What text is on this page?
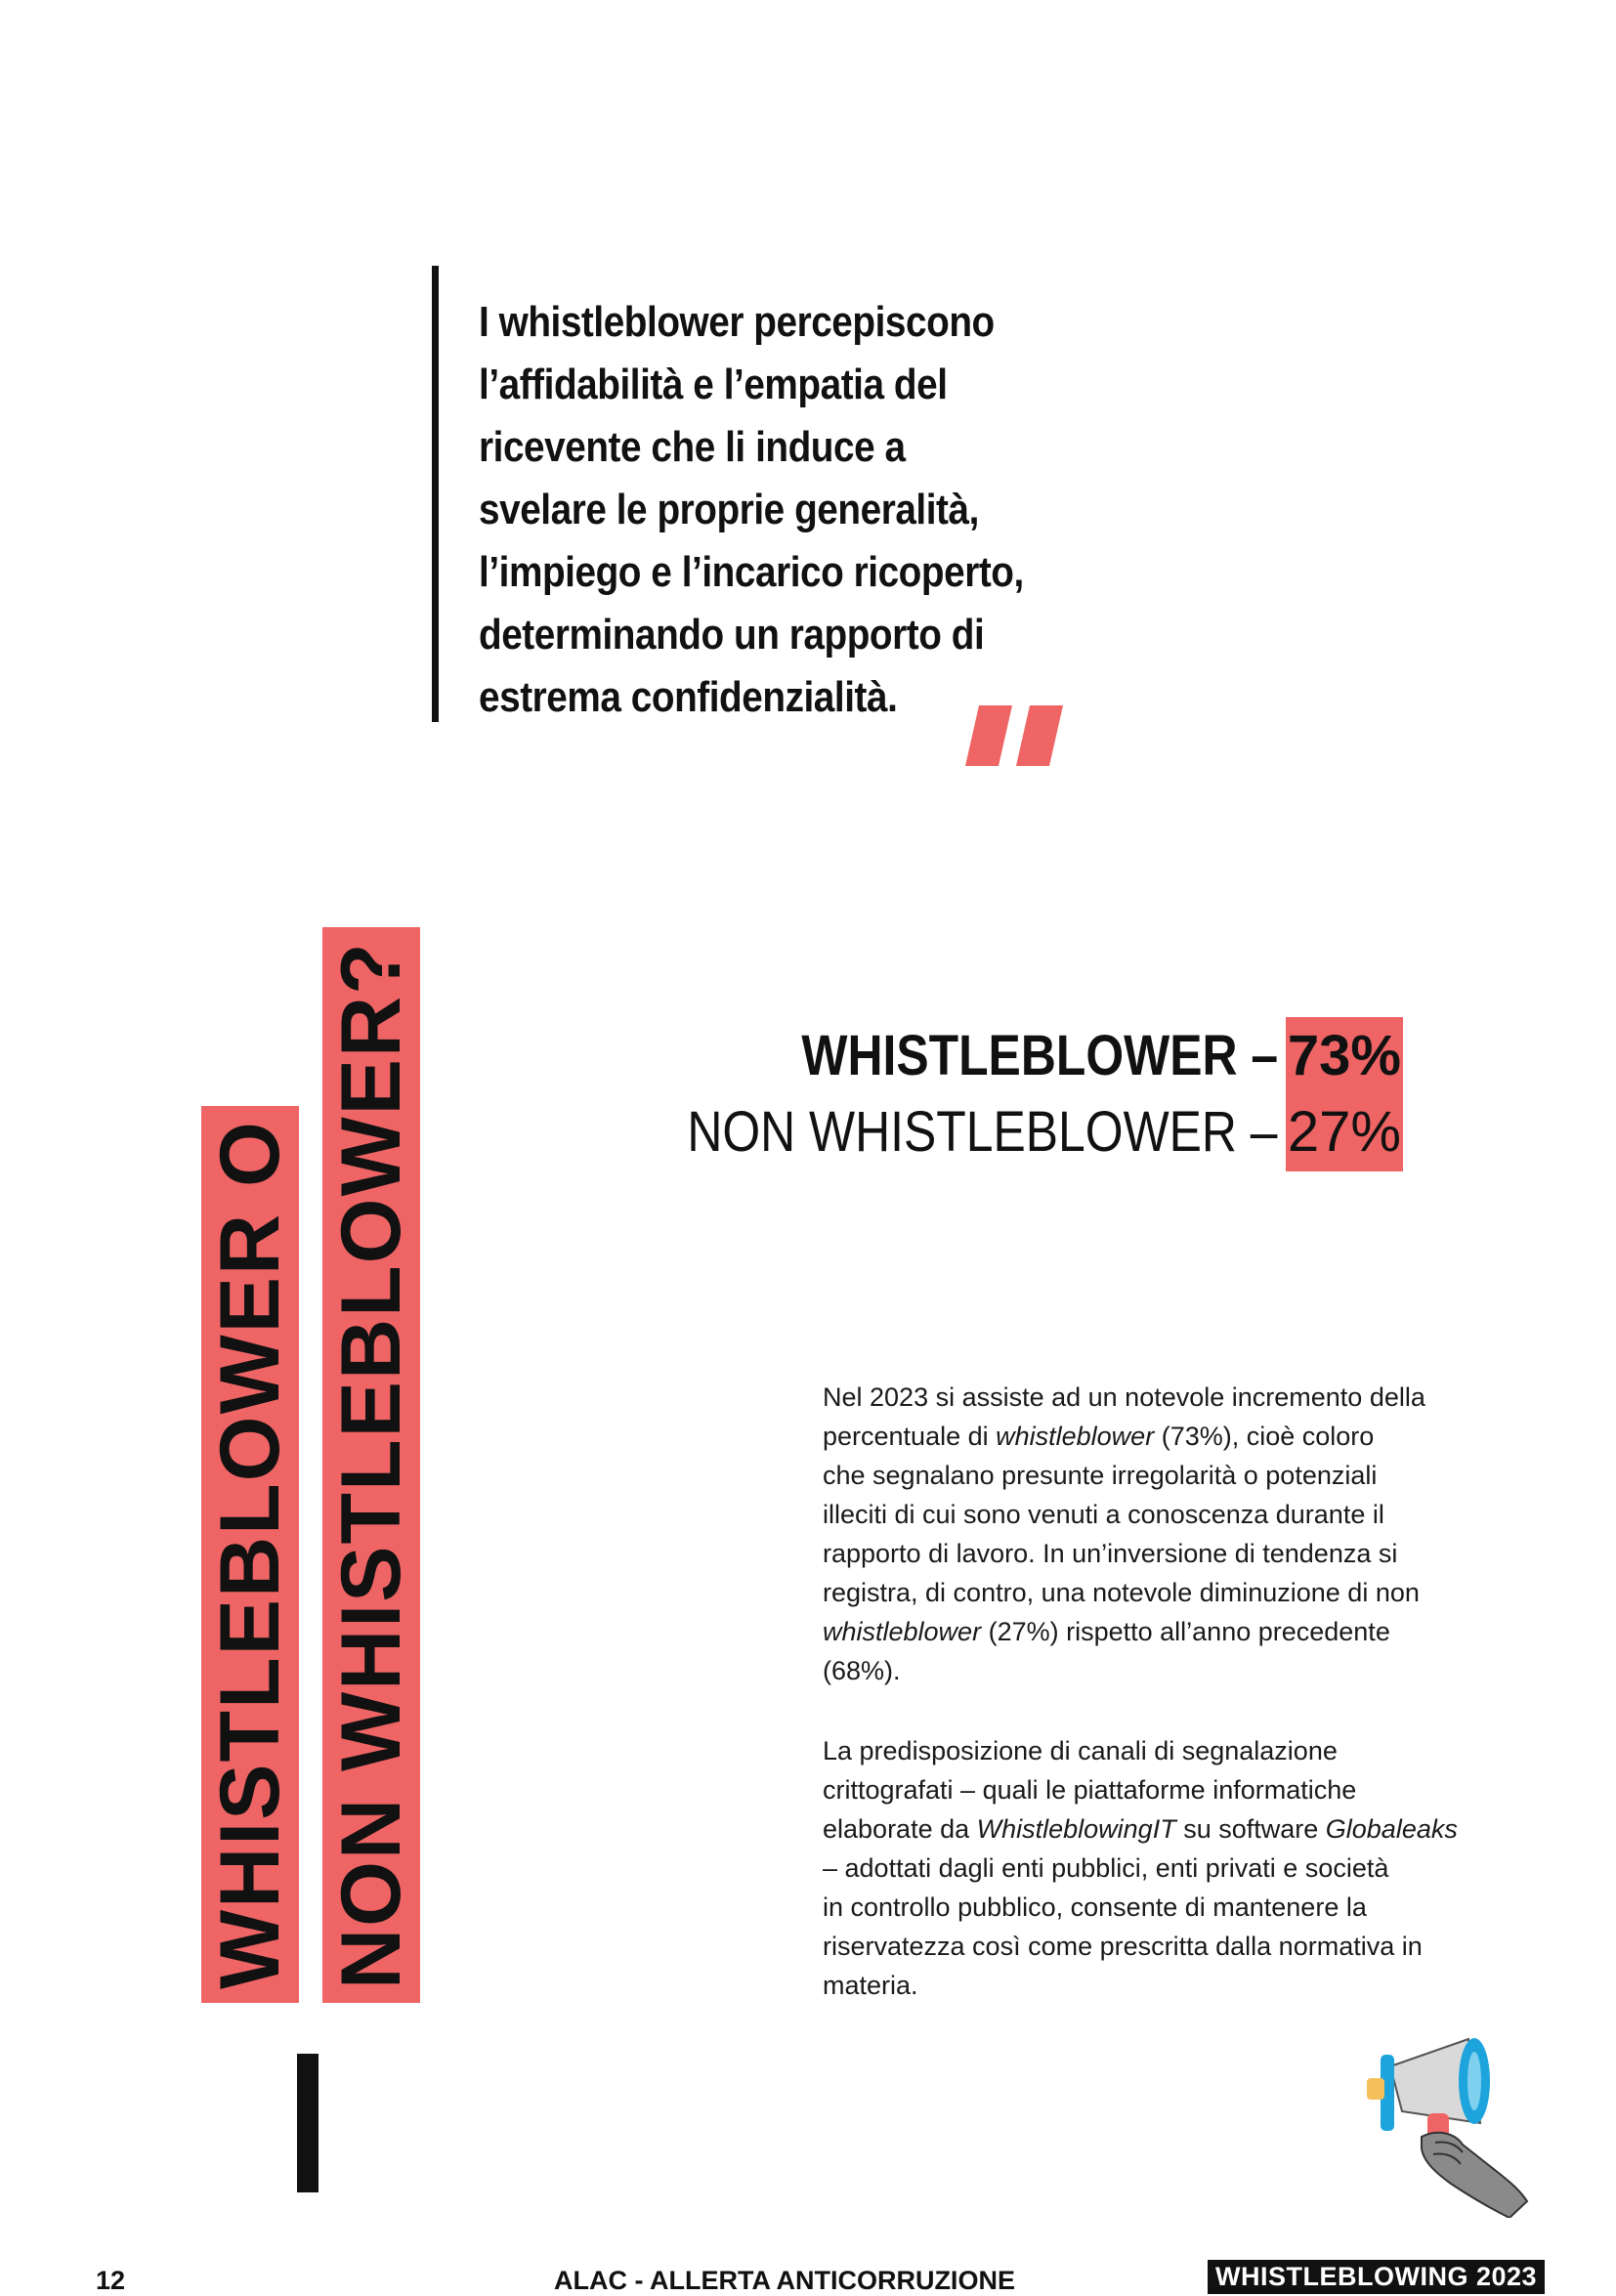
I whistleblower percepiscono
l’affidabilità e l’empatia del
ricevente che li induce a
svelare le proprie generalità,
l’impiego e l’incarico ricoperto,
determinando un rapporto di
estrema confidenzialità.
WHISTLEBLOWER –73%
NON WHISTLEBLOWER –27%
WHISTLEBLOWER O NON WHISTLEBLOWER?	Nel 2023 si assiste ad un notevole incremento della
percentuale di whistleblower (73%), cioè coloro
che segnalano presunte irregolarità o potenziali
illeciti di cui sono venuti a conoscenza durante il
rapporto di lavoro. In un’inversione di tendenza si
registra, di contro, una notevole diminuzione di non
whistleblower (27%) rispetto all’anno precedente
(68%).

La predisposizione di canali di segnalazione
crittografati – quali le piattaforme informatiche
elaborate da WhistleblowingIT su software Globaleaks
– adottati dagli enti pubblici, enti privati e società
in controllo pubblico, consente di mantenere la
riservatezza così come prescritta dalla normativa in
materia.

12	ALAC - ALLERTA ANTICORRUZIONE	WHISTLEBLOWING 2023
